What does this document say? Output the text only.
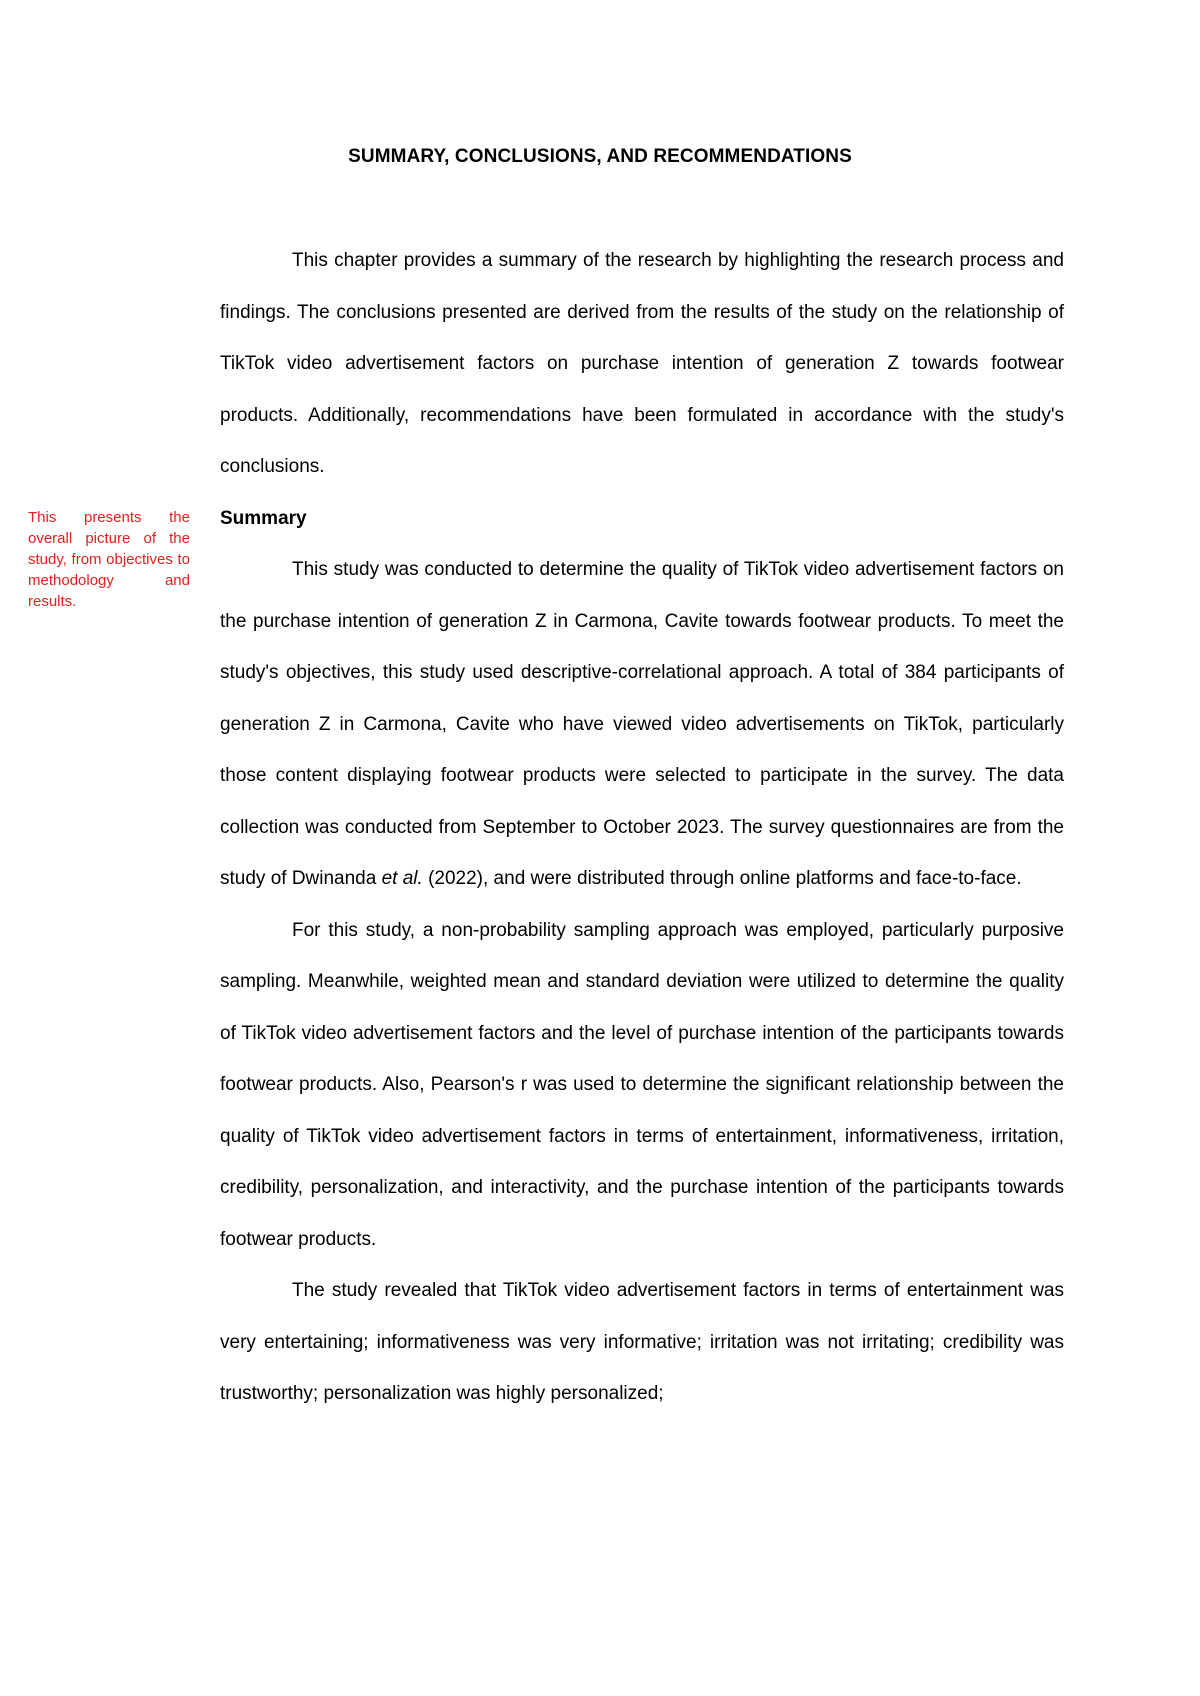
SUMMARY, CONCLUSIONS, AND RECOMMENDATIONS
This presents the overall picture of the study, from objectives to methodology and results.

This chapter provides a summary of the research by highlighting the research process and findings. The conclusions presented are derived from the results of the study on the relationship of TikTok video advertisement factors on purchase intention of generation Z towards footwear products. Additionally, recommendations have been formulated in accordance with the study's conclusions.

Summary

This study was conducted to determine the quality of TikTok video advertisement factors on the purchase intention of generation Z in Carmona, Cavite towards footwear products. To meet the study's objectives, this study used descriptive-correlational approach. A total of 384 participants of generation Z in Carmona, Cavite who have viewed video advertisements on TikTok, particularly those content displaying footwear products were selected to participate in the survey. The data collection was conducted from September to October 2023. The survey questionnaires are from the study of Dwinanda et al. (2022), and were distributed through online platforms and face-to-face.

For this study, a non-probability sampling approach was employed, particularly purposive sampling. Meanwhile, weighted mean and standard deviation were utilized to determine the quality of TikTok video advertisement factors and the level of purchase intention of the participants towards footwear products. Also, Pearson's r was used to determine the significant relationship between the quality of TikTok video advertisement factors in terms of entertainment, informativeness, irritation, credibility, personalization, and interactivity, and the purchase intention of the participants towards footwear products.

The study revealed that TikTok video advertisement factors in terms of entertainment was very entertaining; informativeness was very informative; irritation was not irritating; credibility was trustworthy; personalization was highly personalized;
